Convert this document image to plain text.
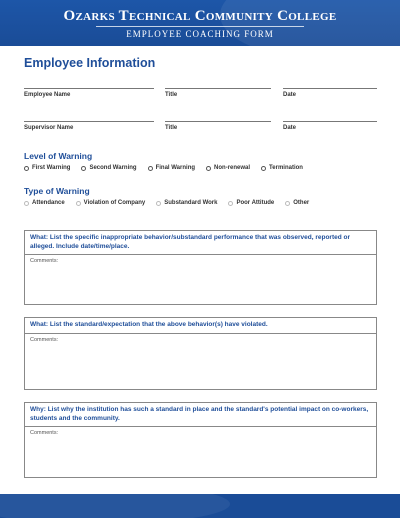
Ozarks Technical Community College
EMPLOYEE COACHING FORM
Employee Information
Employee Name	Title	Date
Supervisor Name	Title	Date
Level of Warning
First Warning	Second Warning	Final Warning	Non-renewal	Termination
Type of Warning
Attendance	Violation of Company	Substandard Work	Poor Attitude	Other
What: List the specific inappropriate behavior/substandard performance that was observed, reported or alleged. Include date/time/place.
Comments:
What: List the standard/expectation that the above behavior(s) have violated.
Comments:
Why: List why the institution has such a standard in place and the standard's potential impact on co-workers, students and the community.
Comments:
